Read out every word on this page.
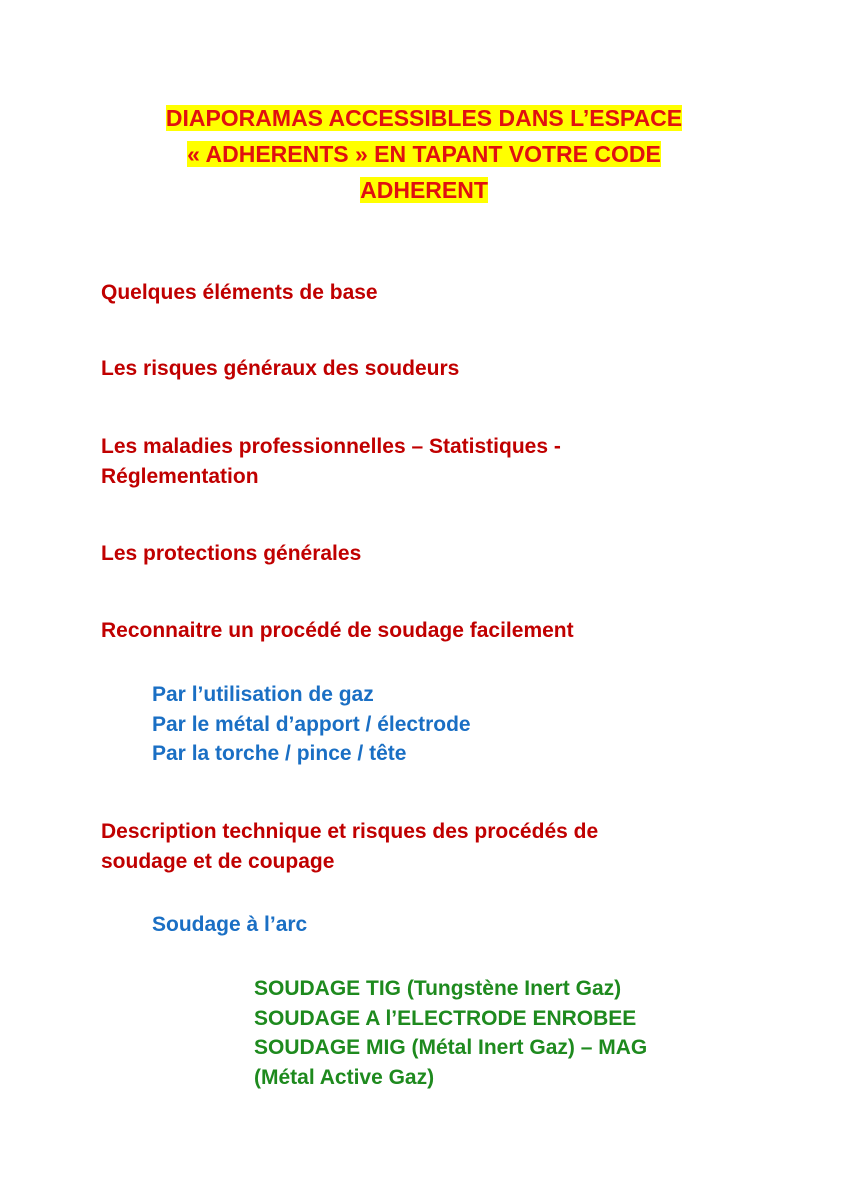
DIAPORAMAS ACCESSIBLES DANS L’ESPACE
« ADHERENTS » EN TAPANT VOTRE CODE
ADHERENT
Quelques éléments de base
Les risques généraux des soudeurs
Les maladies professionnelles – Statistiques -
Réglementation
Les protections générales
Reconnaitre un procédé de soudage facilement
Par l’utilisation de gaz
Par le métal d’apport / électrode
Par la torche / pince / tête
Description technique et risques des procédés de
soudage et de coupage
Soudage à l’arc
SOUDAGE TIG (Tungstène Inert Gaz)
SOUDAGE A l’ELECTRODE ENROBEE
SOUDAGE MIG (Métal Inert Gaz) – MAG
(Métal Active Gaz)
